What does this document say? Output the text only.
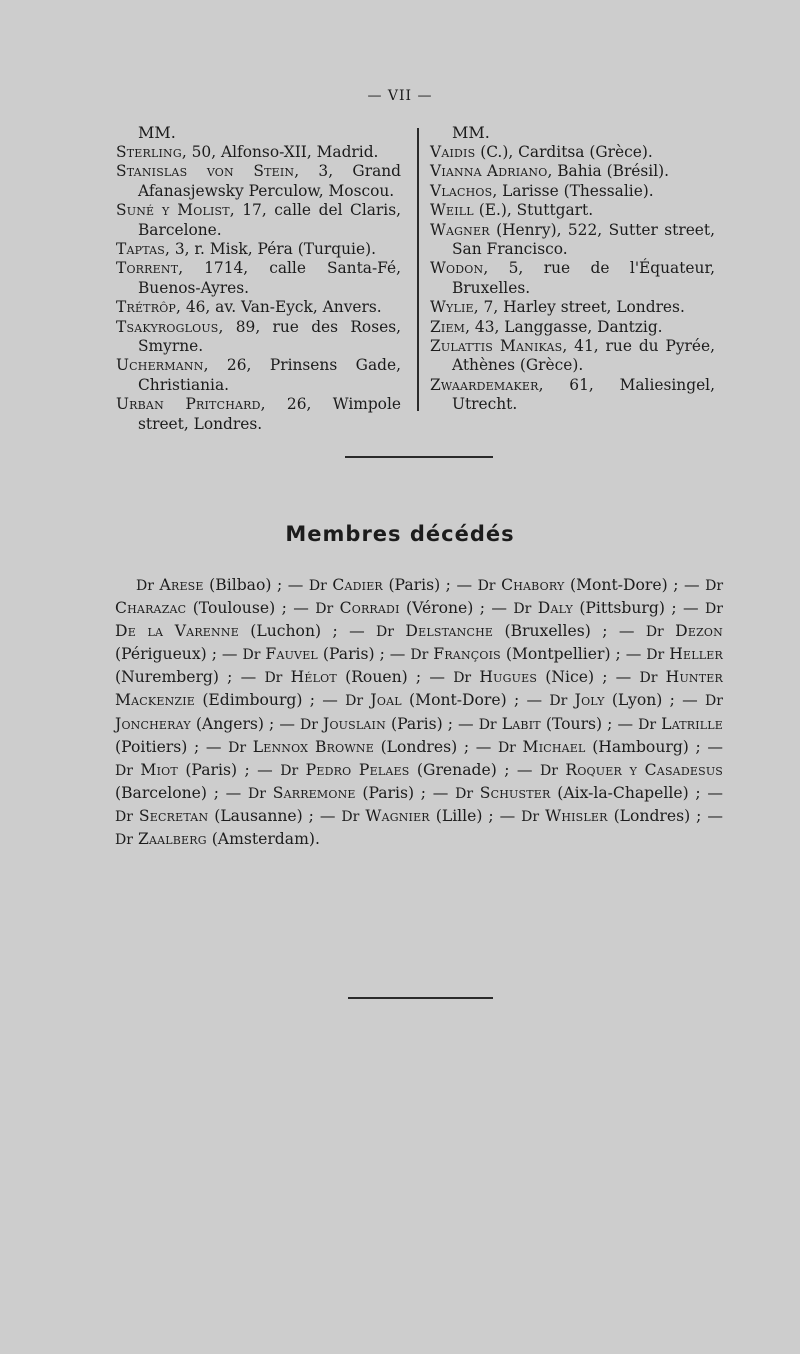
— VII —
MM.

Sterling, 50, Alfonso-XII, Madrid.

Stanislas von Stein, 3, Grand Afanasjewsky Perculow, Moscou.

Suné y Molist, 17, calle del Claris, Barcelone.

Taptas, 3, r. Misk, Péra (Turquie).

Torrent, 1714, calle Santa-Fé, Buenos-Ayres.

Trétrôp, 46, av. Van-Eyck, Anvers.

Tsakyroglous, 89, rue des Roses, Smyrne.

Uchermann, 26, Prinsens Gade, Christiania.

Urban Pritchard, 26, Wimpole street, Londres.

MM.

Vaidis (C.), Carditsa (Grèce).

Vianna Adriano, Bahia (Brésil).

Vlachos, Larisse (Thessalie).

Weill (E.), Stuttgart.

Wagner (Henry), 522, Sutter street, San Francisco.

Wodon, 5, rue de l'Équateur, Bruxelles.

Wylie, 7, Harley street, Londres.

Ziem, 43, Langgasse, Dantzig.

Zulattis Manikas, 41, rue du Pyrée, Athènes (Grèce).

Zwaardemaker, 61, Maliesingel, Utrecht.

Membres décédés

Dr Arese (Bilbao) ; — Dr Cadier (Paris) ; — Dr Chabory (Mont-Dore) ; — Dr Charazac (Toulouse) ; — Dr Corradi (Vérone) ; — Dr Daly (Pittsburg) ; — Dr De la Varenne (Luchon) ; — Dr Delstanche (Bruxelles) ; — Dr Dezon (Périgueux) ; — Dr Fauvel (Paris) ; — Dr François (Montpellier) ; — Dr Heller (Nuremberg) ; — Dr Hélot (Rouen) ; — Dr Hugues (Nice) ; — Dr Hunter Mackenzie (Edimbourg) ; — Dr Joal (Mont-Dore) ; — Dr Joly (Lyon) ; — Dr Joncheray (Angers) ; — Dr Jouslain (Paris) ; — Dr Labit (Tours) ; — Dr Latrille (Poitiers) ; — Dr Lennox Browne (Londres) ; — Dr Michael (Hambourg) ; — Dr Miot (Paris) ; — Dr Pedro Pelaes (Grenade) ; — Dr Roquer y Casadesus (Barcelone) ; — Dr Sarremone (Paris) ; — Dr Schuster (Aix-la-Chapelle) ; — Dr Secretan (Lausanne) ; — Dr Wagnier (Lille) ; — Dr Whisler (Londres) ; — Dr Zaalberg (Amsterdam).
